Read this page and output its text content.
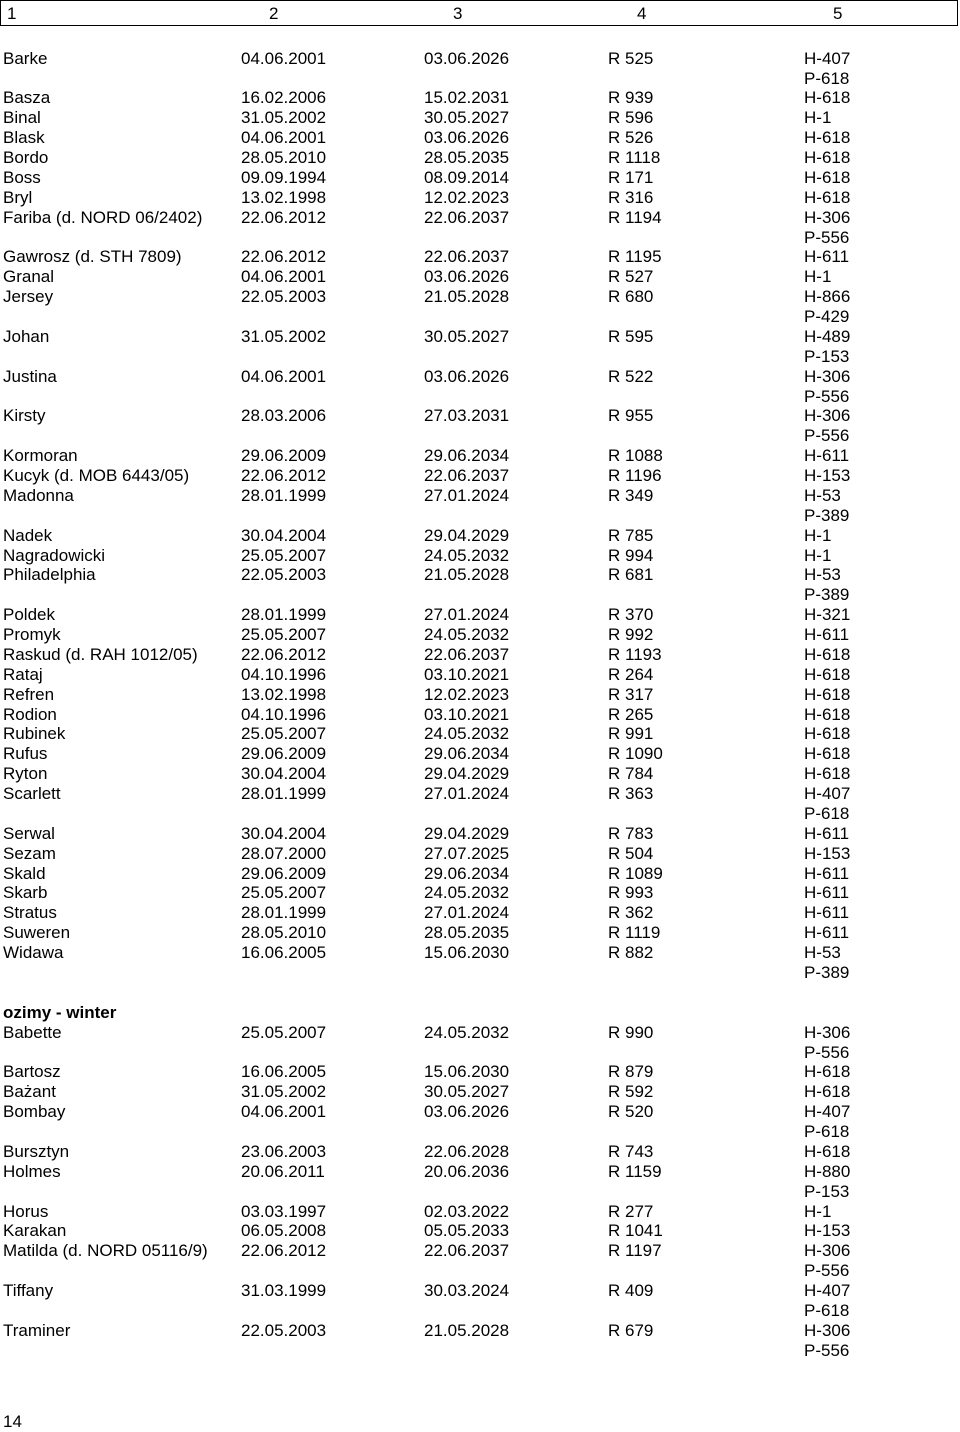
1	2	3	4	5
Barke	04.06.2001	03.06.2026	R 525	H-407
P-618
Basza	16.02.2006	15.02.2031	R 939	H-618
Binal	31.05.2002	30.05.2027	R 596	H-1
Blask	04.06.2001	03.06.2026	R 526	H-618
Bordo	28.05.2010	28.05.2035	R 1118	H-618
Boss	09.09.1994	08.09.2014	R 171	H-618
Bryl	13.02.1998	12.02.2023	R 316	H-618
Fariba (d. NORD 06/2402) 22.06.2012	22.06.2037	R 1194	H-306
P-556
Gawrosz (d. STH 7809)	22.06.2012	22.06.2037	R 1195	H-611
Granal	04.06.2001	03.06.2026	R 527	H-1
Jersey	22.05.2003	21.05.2028	R 680	H-866
P-429
Johan	31.05.2002	30.05.2027	R 595	H-489
P-153
Justina	04.06.2001	03.06.2026	R 522	H-306
P-556
Kirsty	28.03.2006	27.03.2031	R 955	H-306
P-556
Kormoran	29.06.2009	29.06.2034	R 1088	H-611
Kucyk (d. MOB 6443/05)	22.06.2012	22.06.2037	R 1196	H-153
Madonna	28.01.1999	27.01.2024	R 349	H-53
P-389
Nadek	30.04.2004	29.04.2029	R 785	H-1
Nagradowicki	25.05.2007	24.05.2032	R 994	H-1
Philadelphia	22.05.2003	21.05.2028	R 681	H-53
P-389
Poldek	28.01.1999	27.01.2024	R 370	H-321
Promyk	25.05.2007	24.05.2032	R 992	H-611
Raskud (d. RAH 1012/05)	22.06.2012	22.06.2037	R 1193	H-618
Rataj	04.10.1996	03.10.2021	R 264	H-618
Refren	13.02.1998	12.02.2023	R 317	H-618
Rodion	04.10.1996	03.10.2021	R 265	H-618
Rubinek	25.05.2007	24.05.2032	R 991	H-618
Rufus	29.06.2009	29.06.2034	R 1090	H-618
Ryton	30.04.2004	29.04.2029	R 784	H-618
Scarlett	28.01.1999	27.01.2024	R 363	H-407
P-618
Serwal	30.04.2004	29.04.2029	R 783	H-611
Sezam	28.07.2000	27.07.2025	R 504	H-153
Skald	29.06.2009	29.06.2034	R 1089	H-611
Skarb	25.05.2007	24.05.2032	R 993	H-611
Stratus	28.01.1999	27.01.2024	R 362	H-611
Suweren	28.05.2010	28.05.2035	R 1119	H-611
Widawa	16.06.2005	15.06.2030	R 882	H-53
P-389
ozimy - winter
Babette	25.05.2007	24.05.2032	R 990	H-306
P-556
Bartosz	16.06.2005	15.06.2030	R 879	H-618
Bażant	31.05.2002	30.05.2027	R 592	H-618
Bombay	04.06.2001	03.06.2026	R 520	H-407
P-618
Bursztyn	23.06.2003	22.06.2028	R 743	H-618
Holmes	20.06.2011	20.06.2036	R 1159	H-880
P-153
Horus	03.03.1997	02.03.2022	R 277	H-1
Karakan	06.05.2008	05.05.2033	R 1041	H-153
Matilda (d. NORD 05116/9) 22.06.2012	22.06.2037	R 1197	H-306
P-556
Tiffany	31.03.1999	30.03.2024	R 409	H-407
P-618
Traminer	22.05.2003	21.05.2028	R 679	H-306
P-556
14
